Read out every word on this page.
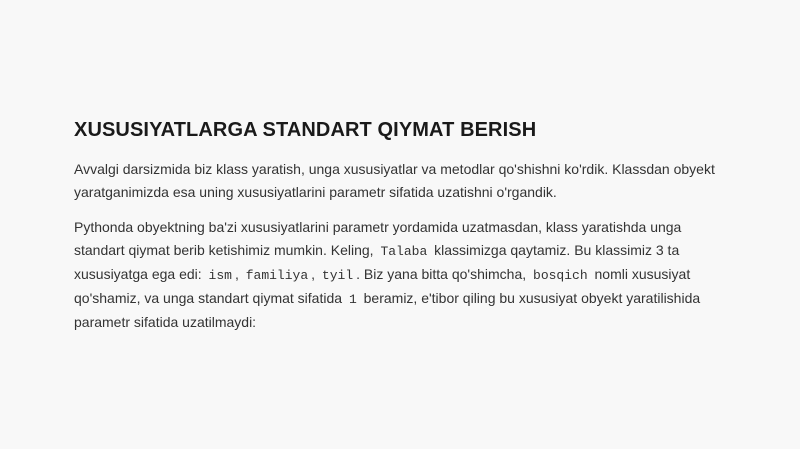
XUSUSIYATLARGA STANDART QIYMAT BERISH

Avvalgi darsizmida biz klass yaratish, unga xususiyatlar va metodlar qo'shishni ko'rdik. Klassdan obyekt yaratganimizda esa uning xususiyatlarini parametr sifatida uzatishni o'rgandik.

Pythonda obyektning ba'zi xususiyatlarini parametr yordamida uzatmasdan, klass yaratishda unga standart qiymat berib ketishimiz mumkin. Keling, Talaba klassimizga qaytamiz. Bu klassimiz 3 ta xususiyatga ega edi: ism , familiya , tyil . Biz yana bitta qo'shimcha, bosqich nomli xususiyat qo'shamiz, va unga standart qiymat sifatida 1 beramiz, e'tibor qiling bu xususiyat obyekt yaratilishida parametr sifatida uzatilmaydi:
